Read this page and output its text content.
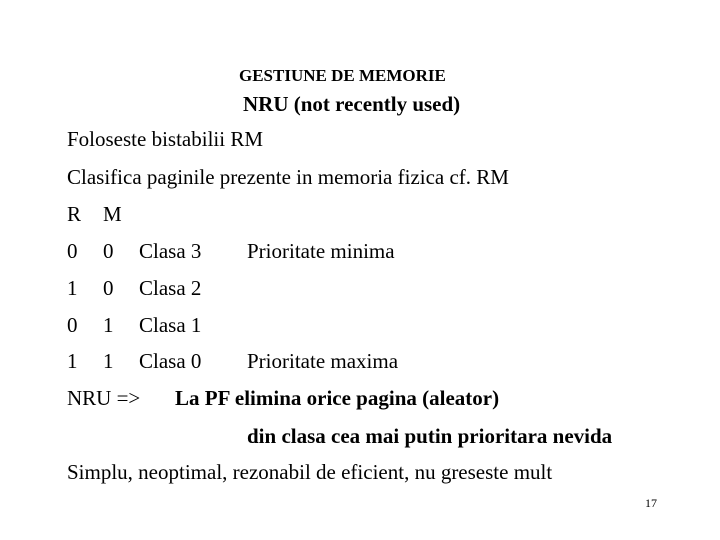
GESTIUNE DE MEMORIE
NRU (not recently used)
Foloseste bistabilii RM
Clasifica paginile prezente in memoria fizica cf. RM
R M
0 0 Clasa 3 Prioritate minima
1 0 Clasa 2
0 1 Clasa 1
1 1 Clasa 0 Prioritate maxima
NRU => La PF elimina orice pagina (aleator)
din clasa cea mai putin prioritara nevida
Simplu, neoptimal, rezonabil de eficient, nu greseste mult
17
